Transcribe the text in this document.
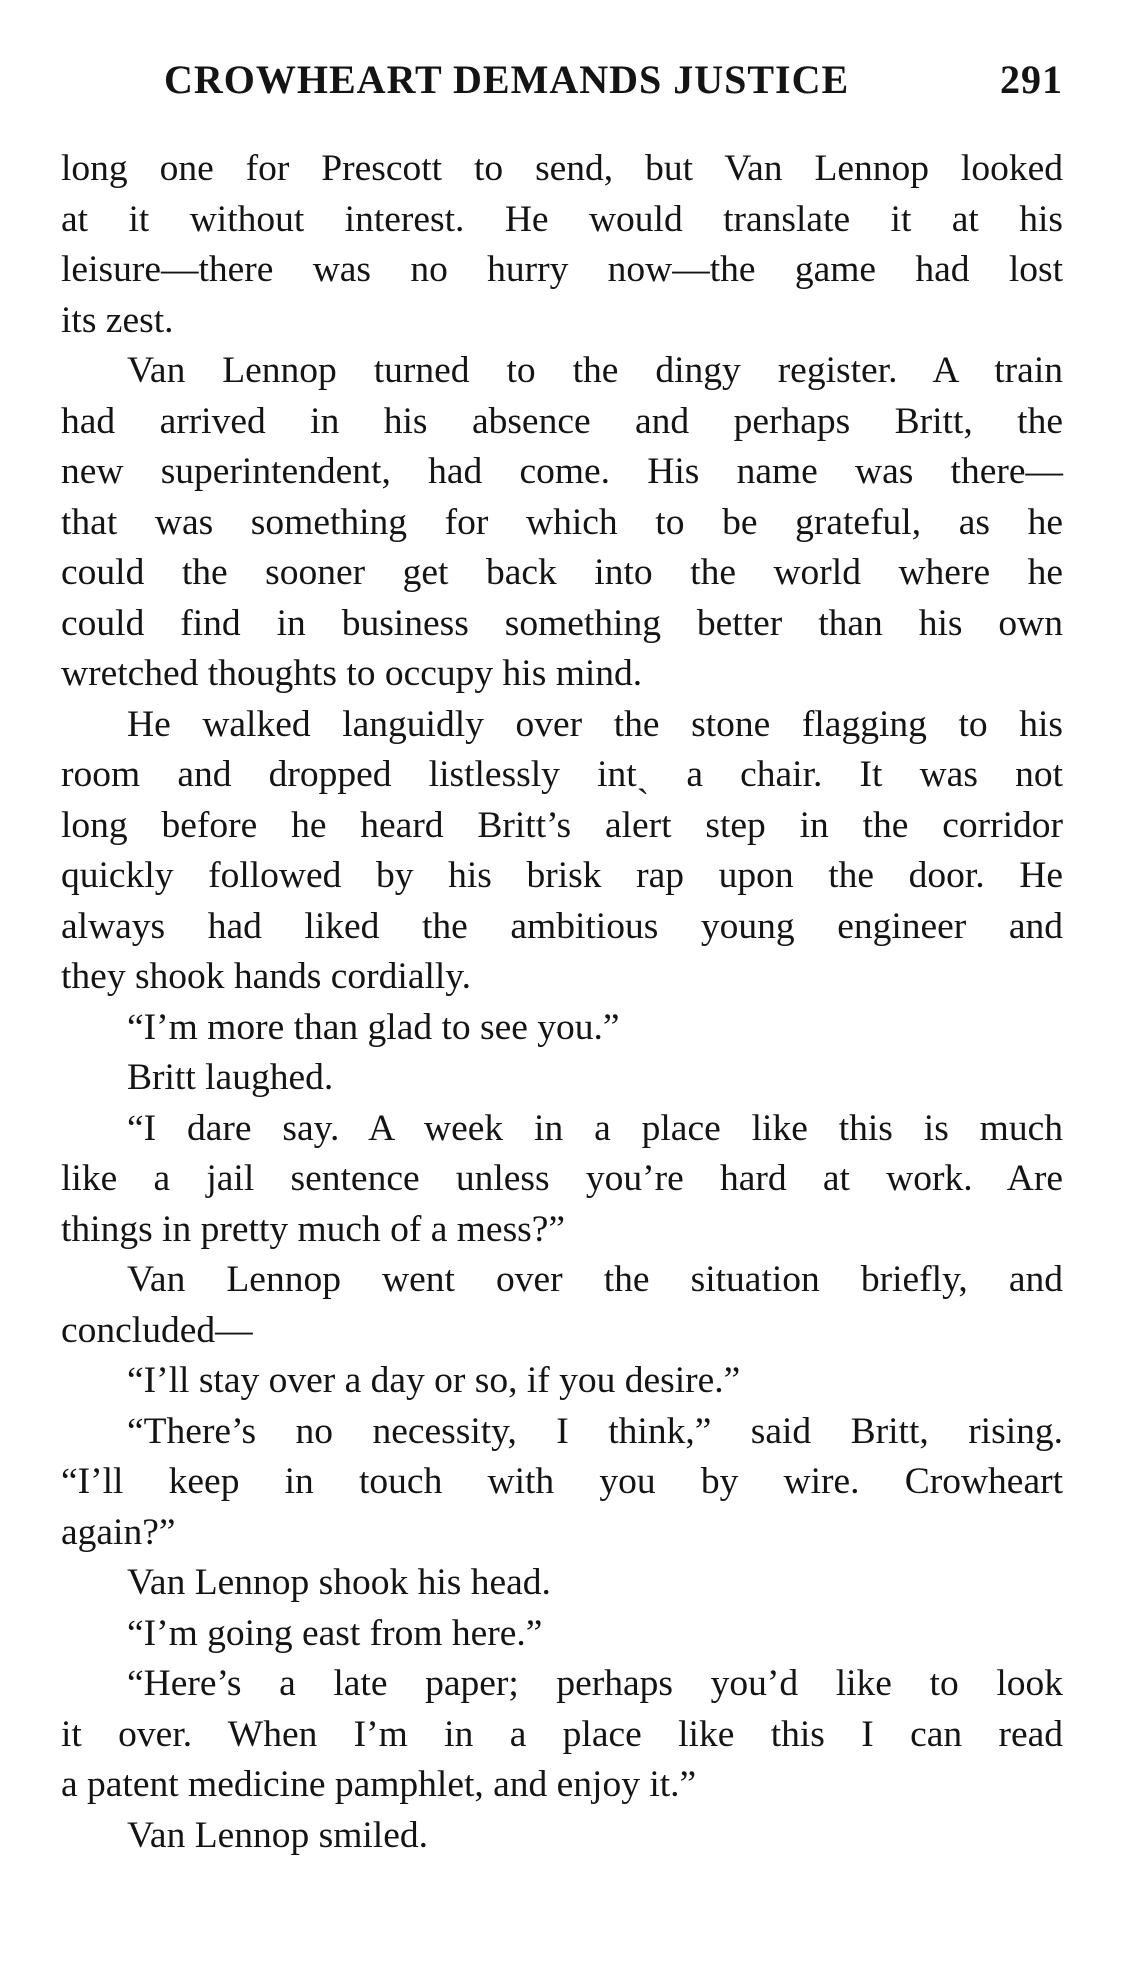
CROWHEART DEMANDS JUSTICE	291
long one for Prescott to send, but Van Lennop looked
at it without interest. He would translate it at his
leisure—there was no hurry now—the game had lost
its zest.
Van Lennop turned to the dingy register. A train
had arrived in his absence and perhaps Britt, the
new superintendent, had come. His name was there—
that was something for which to be grateful, as he
could the sooner get back into the world where he
could find in business something better than his own
wretched thoughts to occupy his mind.
He walked languidly over the stone flagging to his
room and dropped listlessly intˎ a chair. It was not
long before he heard Britt’s alert step in the corridor
quickly followed by his brisk rap upon the door. He
always had liked the ambitious young engineer and
they shook hands cordially.
“I’m more than glad to see you.”
Britt laughed.
“I dare say. A week in a place like this is much
like a jail sentence unless you’re hard at work. Are
things in pretty much of a mess?”
Van Lennop went over the situation briefly, and
concluded—
“I’ll stay over a day or so, if you desire.”
“There’s no necessity, I think,” said Britt, rising.
“I’ll keep in touch with you by wire. Crowheart
again?”
Van Lennop shook his head.
“I’m going east from here.”
“Here’s a late paper; perhaps you’d like to look
it over. When I’m in a place like this I can read
a patent medicine pamphlet, and enjoy it.”
Van Lennop smiled.
